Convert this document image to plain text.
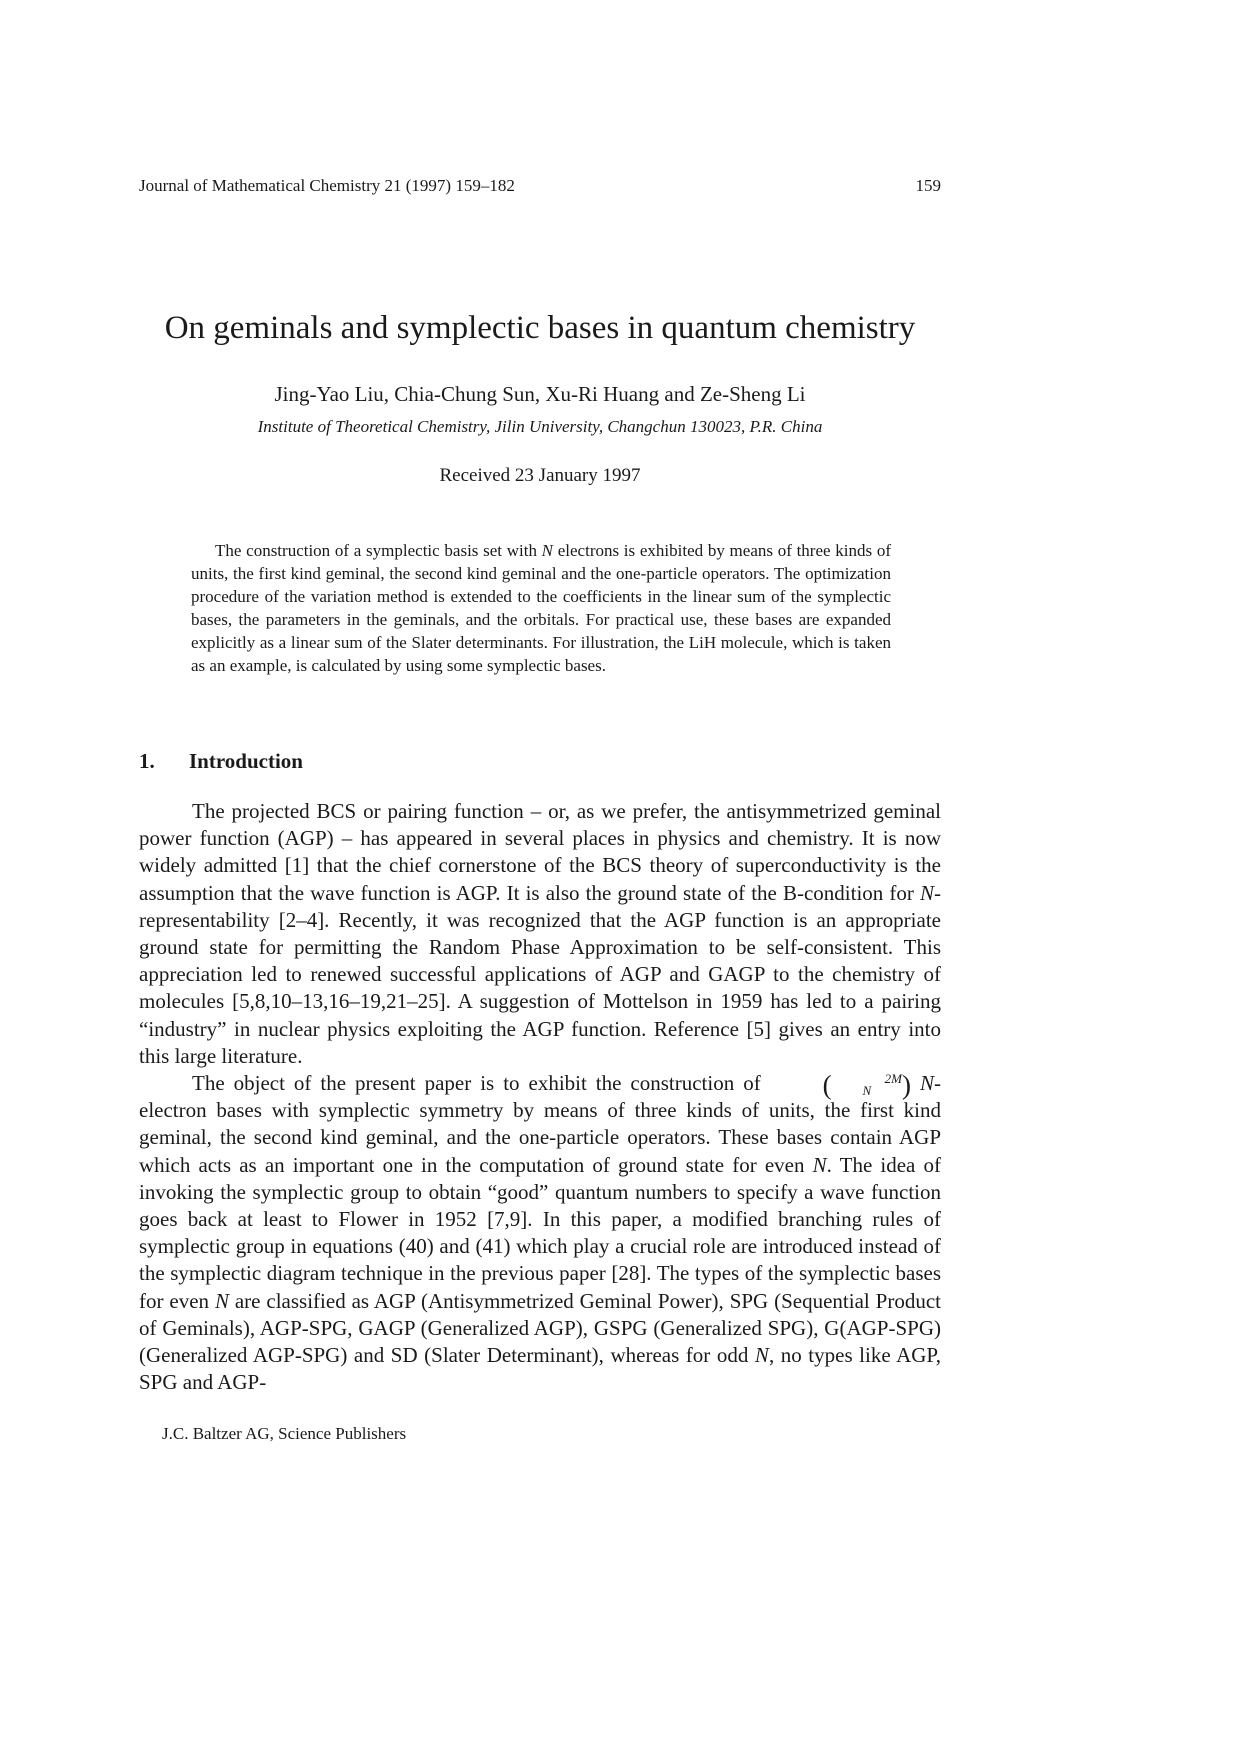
Journal of Mathematical Chemistry 21 (1997) 159–182	159
On geminals and symplectic bases in quantum chemistry
Jing-Yao Liu, Chia-Chung Sun, Xu-Ri Huang and Ze-Sheng Li
Institute of Theoretical Chemistry, Jilin University, Changchun 130023, P.R. China
Received 23 January 1997
The construction of a symplectic basis set with N electrons is exhibited by means of three kinds of units, the first kind geminal, the second kind geminal and the one-particle operators. The optimization procedure of the variation method is extended to the coefficients in the linear sum of the symplectic bases, the parameters in the geminals, and the orbitals. For practical use, these bases are expanded explicitly as a linear sum of the Slater determinants. For illustration, the LiH molecule, which is taken as an example, is calculated by using some symplectic bases.
1. Introduction

The projected BCS or pairing function – or, as we prefer, the antisymmetrized geminal power function (AGP) – has appeared in several places in physics and chemistry. It is now widely admitted [1] that the chief cornerstone of the BCS theory of superconductivity is the assumption that the wave function is AGP. It is also the ground state of the B-condition for N-representability [2–4]. Recently, it was recognized that the AGP function is an appropriate ground state for permitting the Random Phase Approximation to be self-consistent. This appreciation led to renewed successful applications of AGP and GAGP to the chemistry of molecules [5,8,10–13,16–19,21–25]. A suggestion of Mottelson in 1959 has led to a pairing “industry” in nuclear physics exploiting the AGP function. Reference [5] gives an entry into this large literature.

The object of the present paper is to exhibit the construction of (	2M
N ) N-electron bases with symplectic symmetry by means of three kinds of units, the first kind geminal, the second kind geminal, and the one-particle operators. These bases contain AGP which acts as an important one in the computation of ground state for even N. The idea of invoking the symplectic group to obtain “good” quantum numbers to specify a wave function goes back at least to Flower in 1952 [7,9]. In this paper, a modified branching rules of symplectic group in equations (40) and (41) which play a crucial role are introduced instead of the symplectic diagram technique in the previous paper [28]. The types of the symplectic bases for even N are classified as AGP (Antisymmetrized Geminal Power), SPG (Sequential Product of Geminals), AGP-SPG, GAGP (Generalized AGP), GSPG (Generalized SPG), G(AGP-SPG) (Generalized AGP-SPG) and SD (Slater Determinant), whereas for odd N, no types like AGP, SPG and AGP-

J.C. Baltzer AG, Science Publishers
